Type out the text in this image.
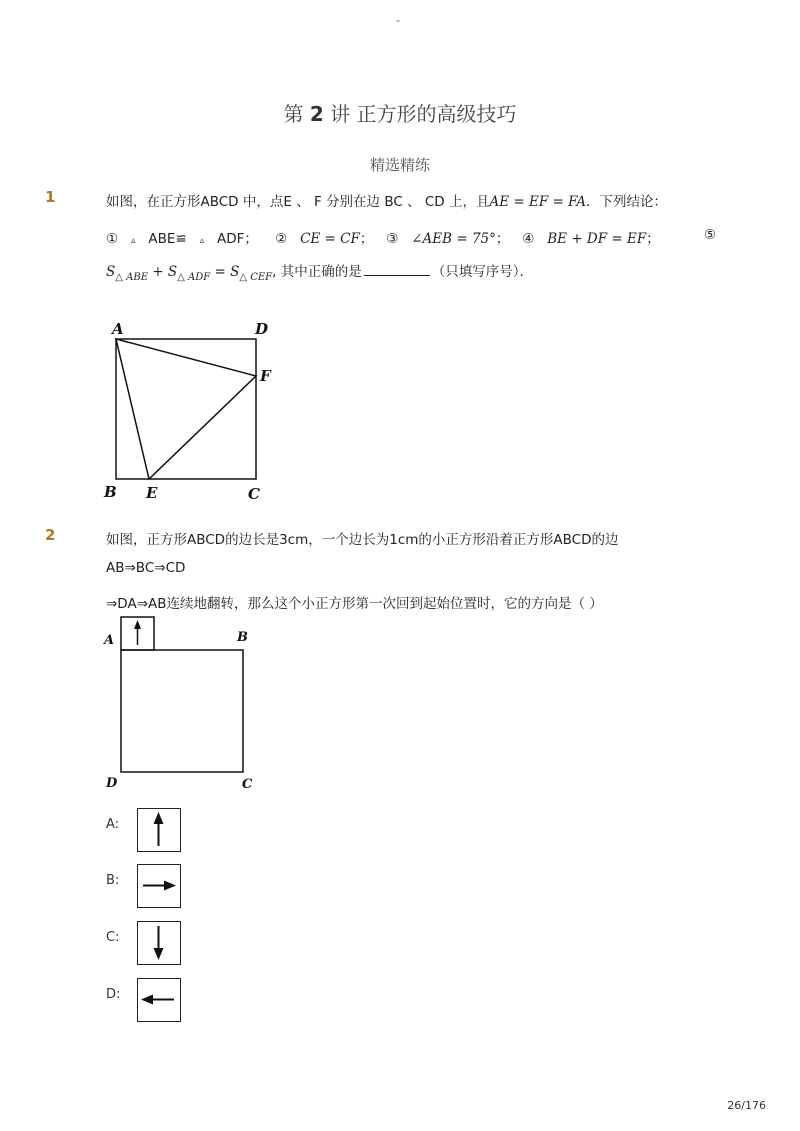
-
第 2 讲 正方形的高级技巧
精选精练
1	如图，在正方形ABCD 中，点E 、 F 分别在边 BC 、 CD 上，且AE = EF = FA．下列结论：
① ▵ ABE≌ ▵ ADF； ② CE = CF； ③ ∠AEB = 75°； ④ BE + DF = EF；	⑤
$S_{\triangle ABE} + S_{\triangle ADF} = S_{\triangle CEF}$, 其中正确的是	（只填写序号）．
A	D
F
B E	C
2	如图，正方形ABCD的边长是3cm，一个边长为1cm的小正方形沿着正方形ABCD的边
AB⇒BC⇒CD
⇒DA⇒AB连续地翻转，那么这个小正方形第一次回到起始位置时，它的方向是（ ）
A	B
D	C
A:
B:
C:
D:
26/176
